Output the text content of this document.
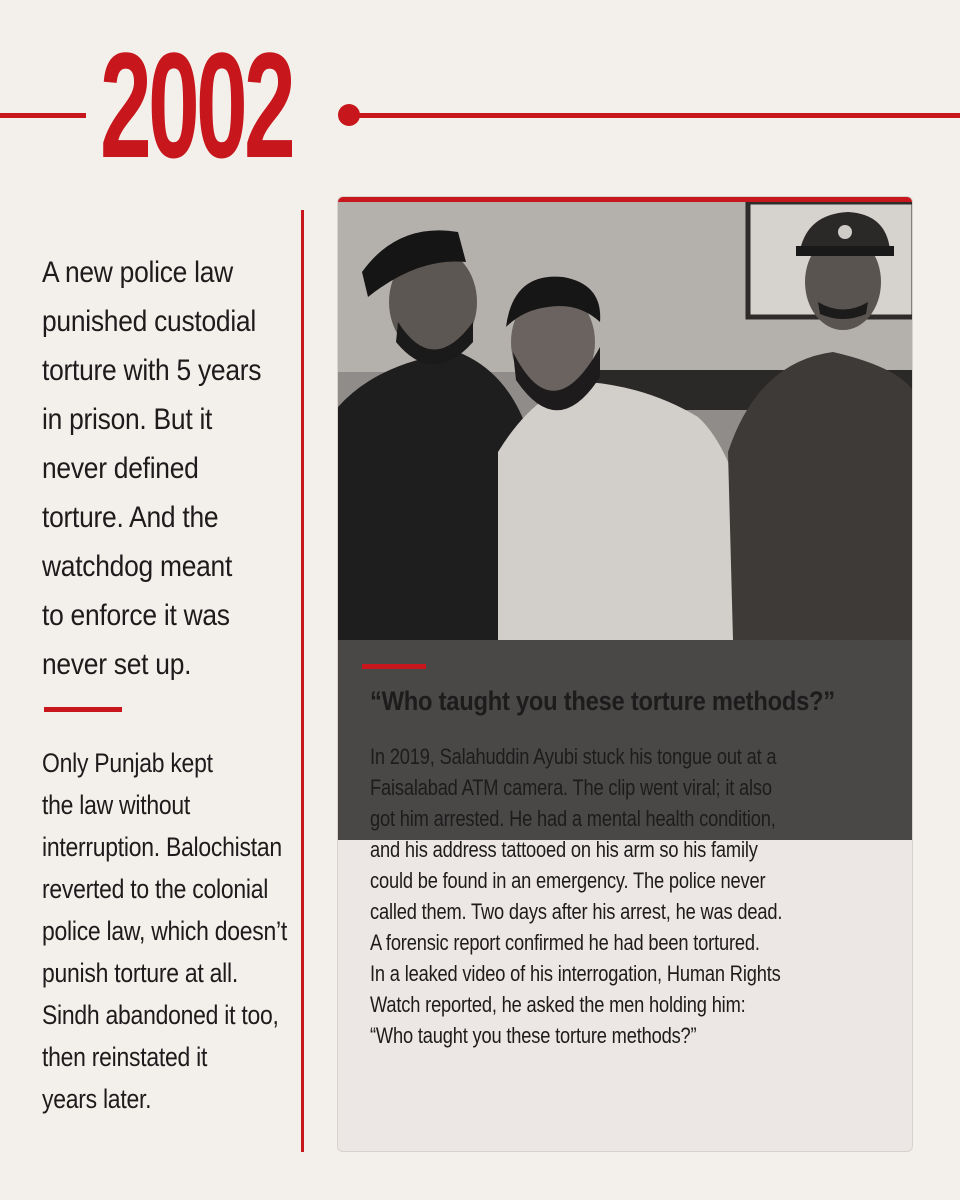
2002
A new police law
punished custodial
torture with 5 years
in prison. But it
never defined
torture. And the
watchdog meant
to enforce it was
never set up.
Only Punjab kept
the law without
interruption. Balochistan
reverted to the colonial
police law, which doesn’t
punish torture at all.
Sindh abandoned it too,
then reinstated it
years later.
“Who taught you these torture methods?”
In 2019, Salahuddin Ayubi stuck his tongue out at a
Faisalabad ATM camera. The clip went viral; it also
got him arrested. He had a mental health condition,
and his address tattooed on his arm so his family
could be found in an emergency. The police never
called them. Two days after his arrest, he was dead.
A forensic report confirmed he had been tortured.
In a leaked video of his interrogation, Human Rights
Watch reported, he asked the men holding him:
“Who taught you these torture methods?”
